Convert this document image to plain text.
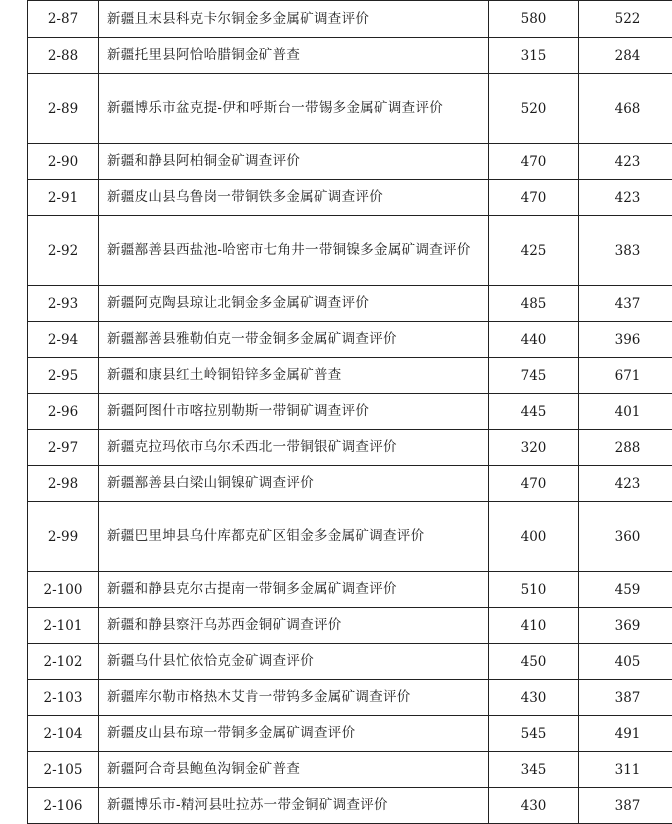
2-87	新疆且末县科克卡尔铜金多金属矿调查评价	580	522
2-88	新疆托里县阿恰哈腊铜金矿普查	315	284
2-89	新疆博乐市盆克提-伊和呼斯台一带锡多金属矿调查评价	520	468
2-90	新疆和静县阿柏铜金矿调查评价	470	423
2-91	新疆皮山县乌鲁岗一带铜铁多金属矿调查评价	470	423
2-92	新疆鄯善县西盐池-哈密市七角井一带铜镍多金属矿调查评价	425	383
2-93	新疆阿克陶县琼让北铜金多金属矿调查评价	485	437
2-94	新疆鄯善县雅勒伯克一带金铜多金属矿调查评价	440	396
2-95	新疆和康县红土岭铜铅锌多金属矿普查	745	671
2-96	新疆阿图什市喀拉别勒斯一带铜矿调查评价	445	401
2-97	新疆克拉玛依市乌尔禾西北一带铜银矿调查评价	320	288
2-98	新疆鄯善县白梁山铜镍矿调查评价	470	423
2-99	新疆巴里坤县乌什库都克矿区钼金多金属矿调查评价	400	360
2-100	新疆和静县克尔古提南一带铜多金属矿调查评价	510	459
2-101	新疆和静县察汗乌苏西金铜矿调查评价	410	369
2-102	新疆乌什县忙依恰克金矿调查评价	450	405
2-103	新疆库尔勒市格热木艾肯一带钨多金属矿调查评价	430	387
2-104	新疆皮山县布琼一带铜多金属矿调查评价	545	491
2-105	新疆阿合奇县鲍鱼沟铜金矿普查	345	311
2-106	新疆博乐市-精河县吐拉苏一带金铜矿调查评价	430	387
